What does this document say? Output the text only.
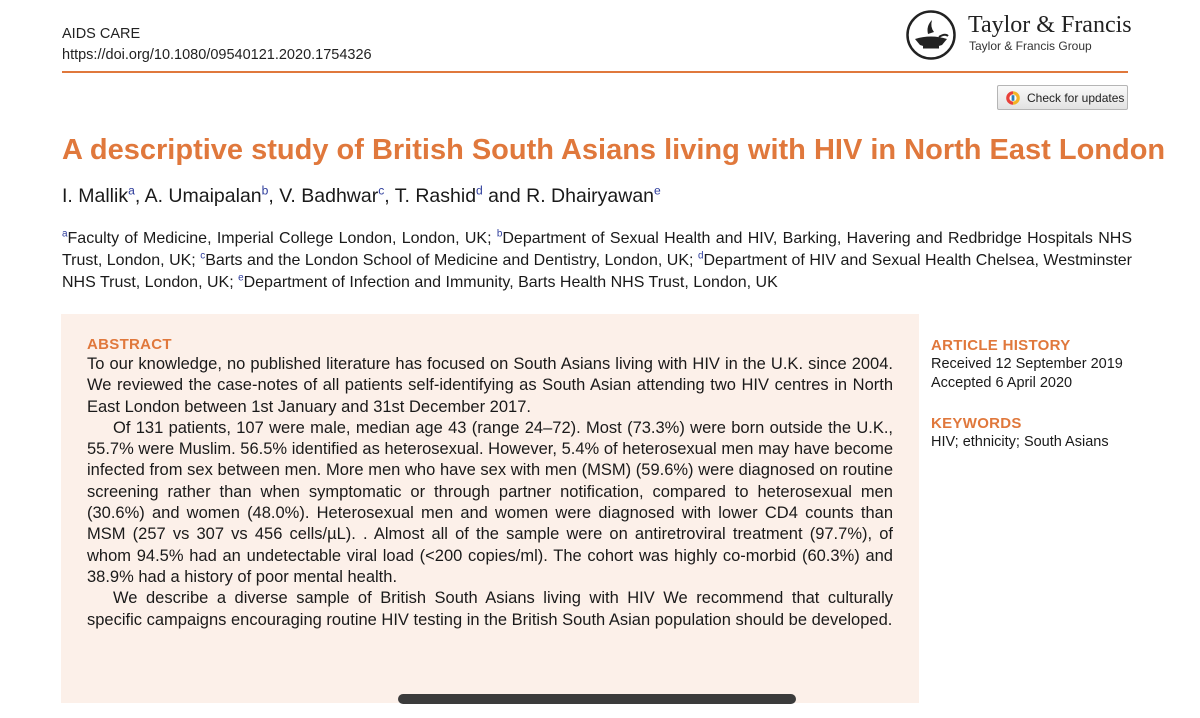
AIDS CARE
https://doi.org/10.1080/09540121.2020.1754326
Taylor & Francis
Taylor & Francis Group
Check for updates
A descriptive study of British South Asians living with HIV in North East London
I. Mallik$^a$, A. Umaipalan$^b$, V. Badhwar$^c$, T. Rashid$^d$ and R. Dhairyawan$^e$
$^a$Faculty of Medicine, Imperial College London, London, UK; $^b$Department of Sexual Health and HIV, Barking, Havering and Redbridge Hospitals NHS Trust, London, UK; $^c$Barts and the London School of Medicine and Dentistry, London, UK; $^d$Department of HIV and Sexual Health Chelsea, Westminster NHS Trust, London, UK; $^e$Department of Infection and Immunity, Barts Health NHS Trust, London, UK
ABSTRACT

To our knowledge, no published literature has focused on South Asians living with HIV in the U.K. since 2004. We reviewed the case-notes of all patients self-identifying as South Asian attending two HIV centres in North East London between 1st January and 31st December 2017.

Of 131 patients, 107 were male, median age 43 (range 24–72). Most (73.3%) were born outside the U.K., 55.7% were Muslim. 56.5% identified as heterosexual. However, 5.4% of heterosexual men may have become infected from sex between men. More men who have sex with men (MSM) (59.6%) were diagnosed on routine screening rather than when symptomatic or through partner notification, compared to heterosexual men (30.6%) and women (48.0%). Heterosexual men and women were diagnosed with lower CD4 counts than MSM (257 vs 307 vs 456 cells/µL). . Almost all of the sample were on antiretroviral treatment (97.7%), of whom 94.5% had an undetectable viral load (<200 copies/ml). The cohort was highly co-morbid (60.3%) and 38.9% had a history of poor mental health.

We describe a diverse sample of British South Asians living with HIV We recommend that culturally specific campaigns encouraging routine HIV testing in the British South Asian population should be developed.

ARTICLE HISTORY
Received 12 September 2019
Accepted 6 April 2020
KEYWORDS
HIV; ethnicity; South Asians
